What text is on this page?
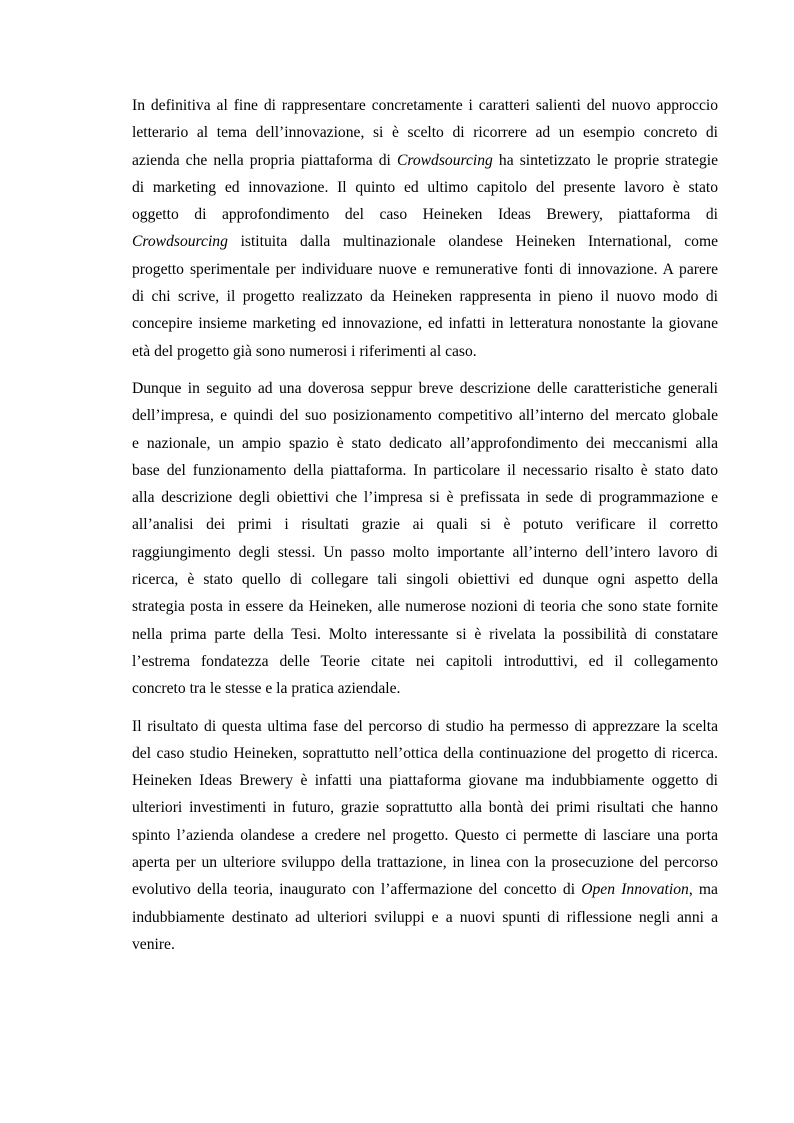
In definitiva al fine di rappresentare concretamente i caratteri salienti del nuovo approccio
letterario al tema dell’innovazione, si è scelto di ricorrere ad un esempio concreto di
azienda che nella propria piattaforma di Crowdsourcing ha sintetizzato le proprie strategie
di marketing ed innovazione. Il quinto ed ultimo capitolo del presente lavoro è stato
oggetto di approfondimento del caso Heineken Ideas Brewery, piattaforma di
Crowdsourcing istituita dalla multinazionale olandese Heineken International, come
progetto sperimentale per individuare nuove e remunerative fonti di innovazione. A parere
di chi scrive, il progetto realizzato da Heineken rappresenta in pieno il nuovo modo di
concepire insieme marketing ed innovazione, ed infatti in letteratura nonostante la giovane
età del progetto già sono numerosi i riferimenti al caso.

Dunque in seguito ad una doverosa seppur breve descrizione delle caratteristiche generali
dell’impresa, e quindi del suo posizionamento competitivo all’interno del mercato globale
e nazionale, un ampio spazio è stato dedicato all’approfondimento dei meccanismi alla
base del funzionamento della piattaforma. In particolare il necessario risalto è stato dato
alla descrizione degli obiettivi che l’impresa si è prefissata in sede di programmazione e
all’analisi dei primi i risultati grazie ai quali si è potuto verificare il corretto
raggiungimento degli stessi. Un passo molto importante all’interno dell’intero lavoro di
ricerca, è stato quello di collegare tali singoli obiettivi ed dunque ogni aspetto della
strategia posta in essere da Heineken, alle numerose nozioni di teoria che sono state fornite
nella prima parte della Tesi. Molto interessante si è rivelata la possibilità di constatare
l’estrema fondatezza delle Teorie citate nei capitoli introduttivi, ed il collegamento
concreto tra le stesse e la pratica aziendale.

Il risultato di questa ultima fase del percorso di studio ha permesso di apprezzare la scelta
del caso studio Heineken, soprattutto nell’ottica della continuazione del progetto di ricerca.
Heineken Ideas Brewery è infatti una piattaforma giovane ma indubbiamente oggetto di
ulteriori investimenti in futuro, grazie soprattutto alla bontà dei primi risultati che hanno
spinto l’azienda olandese a credere nel progetto. Questo ci permette di lasciare una porta
aperta per un ulteriore sviluppo della trattazione, in linea con la prosecuzione del percorso
evolutivo della teoria, inaugurato con l’affermazione del concetto di Open Innovation, ma
indubbiamente destinato ad ulteriori sviluppi e a nuovi spunti di riflessione negli anni a
venire.
